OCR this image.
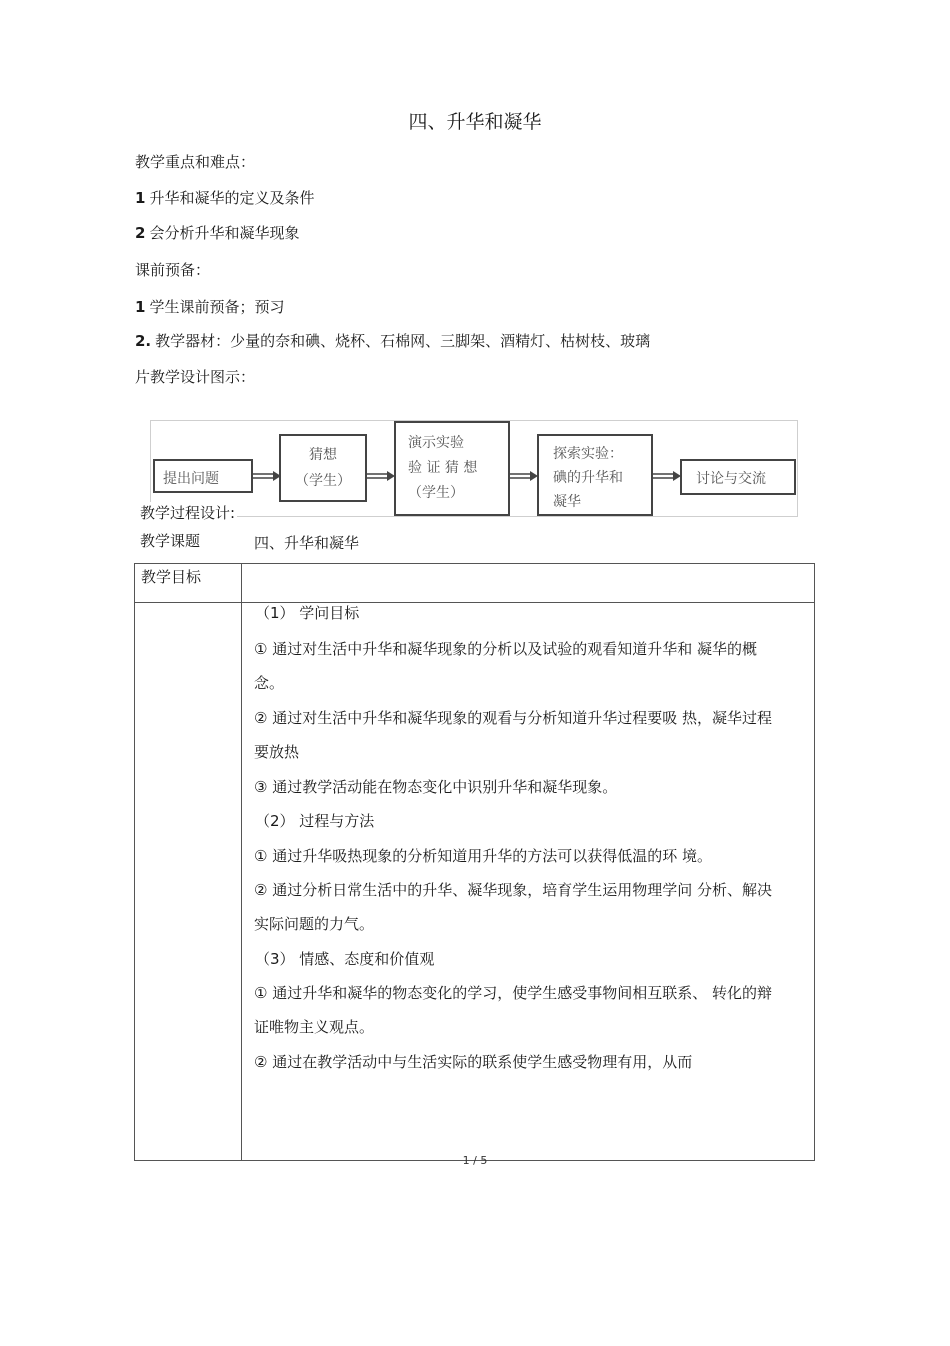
四、升华和凝华
教学重点和难点：
1 升华和凝华的定义及条件
2 会分析升华和凝华现象
课前预备：
1 学生课前预备；预习
2. 教学器材：少量的奈和碘、烧杯、石棉网、三脚架、酒精灯、枯树枝、玻璃
片教学设计图示：
提出问题
猜想
（学生）
演示实验
验 证 猜 想
（学生）
探索实验：
碘的升华和
凝华
讨论与交流
教学过程设计:
教学课题	四、升华和凝华
教学目标
（1） 学问目标
① 通过对生活中升华和凝华现象的分析以及试验的观看知道升华和 凝华的概
念。
② 通过对生活中升华和凝华现象的观看与分析知道升华过程要吸 热，凝华过程
要放热
③ 通过教学活动能在物态变化中识别升华和凝华现象。
（2） 过程与方法
① 通过升华吸热现象的分析知道用升华的方法可以获得低温的环 境。
② 通过分析日常生活中的升华、凝华现象，培育学生运用物理学问 分析、解决
实际问题的力气。
（3） 情感、态度和价值观
① 通过升华和凝华的物态变化的学习，使学生感受事物间相互联系、 转化的辩
证唯物主义观点。
② 通过在教学活动中与生活实际的联系使学生感受物理有用，从而
1 / 5
